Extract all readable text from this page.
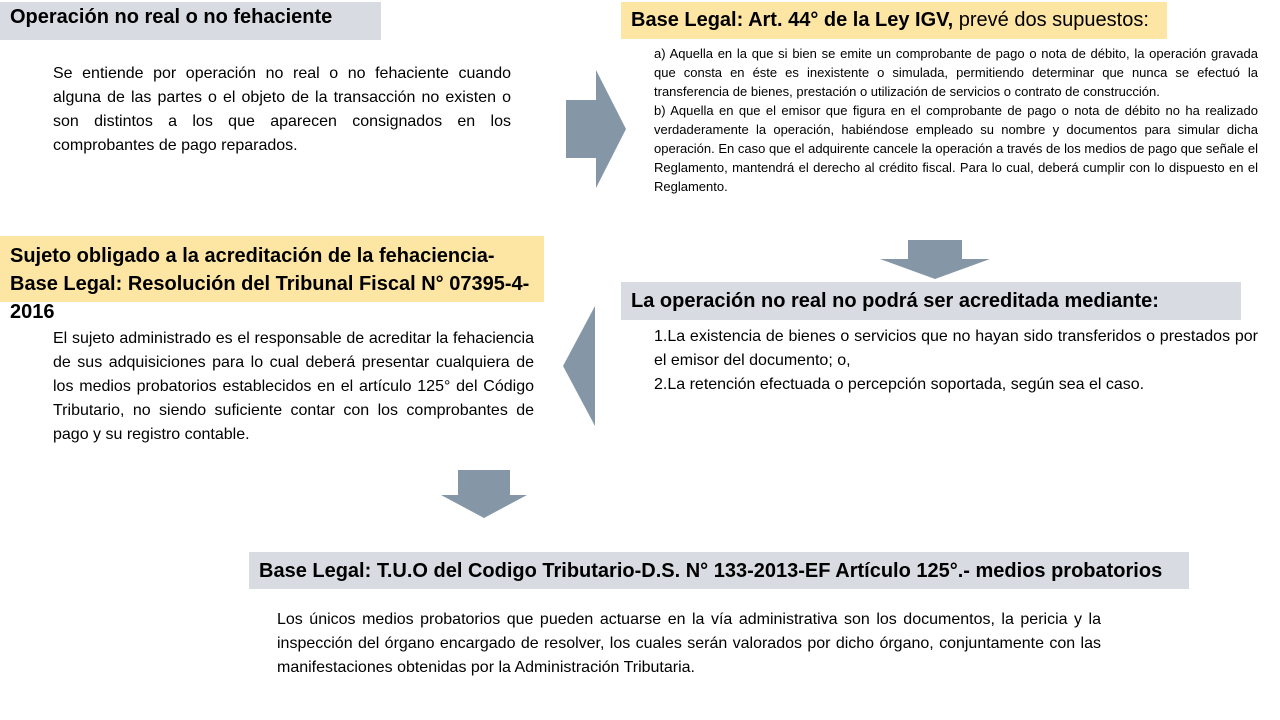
Operación no real o no fehaciente

Se entiende por operación no real o no fehaciente cuando alguna de las partes o el objeto de la transacción no existen o son distintos a los que aparecen consignados en los comprobantes de pago reparados.

Base Legal: Art. 44° de la Ley IGV, prevé dos supuestos:

a) Aquella en la que si bien se emite un comprobante de pago o nota de débito, la operación gravada que consta en éste es inexistente o simulada, permitiendo determinar que nunca se efectuó la transferencia de bienes, prestación o utilización de servicios o contrato de construcción.

b) Aquella en que el emisor que figura en el comprobante de pago o nota de débito no ha realizado verdaderamente la operación, habiéndose empleado su nombre y documentos para simular dicha operación. En caso que el adquirente cancele la operación a través de los medios de pago que señale el Reglamento, mantendrá el derecho al crédito fiscal. Para lo cual, deberá cumplir con lo dispuesto en el Reglamento.

Sujeto obligado a la acreditación de la fehaciencia- Base Legal: Resolución del Tribunal Fiscal N° 07395-4-2016

El sujeto administrado es el responsable de acreditar la fehaciencia de sus adquisiciones para lo cual deberá presentar cualquiera de los medios probatorios establecidos en el artículo 125° del Código Tributario, no siendo suficiente contar con los comprobantes de pago y su registro contable.

La operación no real no podrá ser acreditada mediante:
1.La existencia de bienes o servicios que no hayan sido transferidos o prestados por el emisor del documento; o,
2.La retención efectuada o percepción soportada, según sea el caso.
Base Legal: T.U.O del Codigo Tributario-D.S. N° 133-2013-EF Artículo 125°.- medios probatorios

Los únicos medios probatorios que pueden actuarse en la vía administrativa son los documentos, la pericia y la inspección del órgano encargado de resolver, los cuales serán valorados por dicho órgano, conjuntamente con las manifestaciones obtenidas por la Administración Tributaria.
